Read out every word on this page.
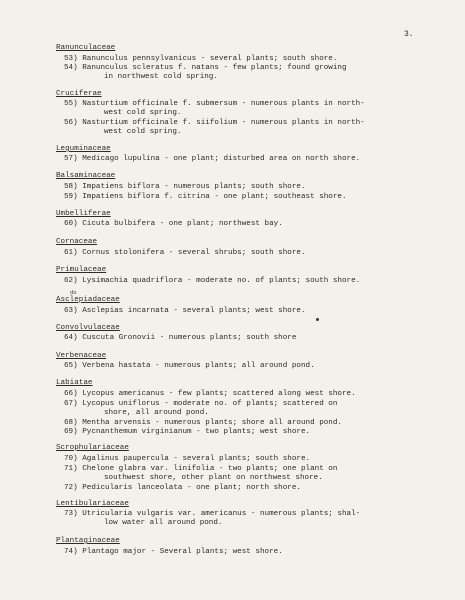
3.
Ranunculaceae
53) Ranunculus pennsylvanicus - several plants; south shore.
54) Ranunculus scleratus f. natans - few plants; found growing
in northwest cold spring.
Cruciferae
55) Nasturtium officinale f. submersum - numerous plants in north-
west cold spring.
56) Nasturtium officinale f. siifolium - numerous plants in north-
west cold spring.
Leguminaceae
57) Medicago lupulina - one plant; disturbed area on north shore.
Balsaminaceae
58) Impatiens biflora - numerous plants; south shore.
59) Impatiens biflora f. citrina - one plant; southeast shore.
Umbelliferae
60) Cicuta bulbifera - one plant; northwest bay.
Cornaceae
61) Cornus stolonifera - several shrubs; south shore.
Primulaceae
62) Lysimachia quadriflora - moderate no. of plants; south shore.
Asclepiadaceae
63) Asclepias incarnata - several plants; west shore.
Convolvulaceae
64) Cuscuta Gronovii - numerous plants; south shore
Verbenaceae
65) Verbena hastata - numerous plants; all around pond.
Labiatae
66) Lycopus americanus - few plants; scattered along west shore.
67) Lycopus uniflorus - moderate no. of plants; scattered on
shore, all around pond.
68) Mentha arvensis - numerous plants; shore all around pond.
69) Pycnanthemum virginianum - two plants; west shore.
Scrophulariaceae
70) Agalinus paupercula - several plants; south shore.
71) Chelone glabra var. linifolia - two plants; one plant on
southwest shore, other plant on northwest shore.
72) Pedicularis lanceolata - one plant; north shore.
Lentibulariaceae
73) Utricularia vulgaris var. americanus - numerous plants; shal-
low water all around pond.
Plantaginaceae
74) Plantago major - Several plants; west shore.
do
